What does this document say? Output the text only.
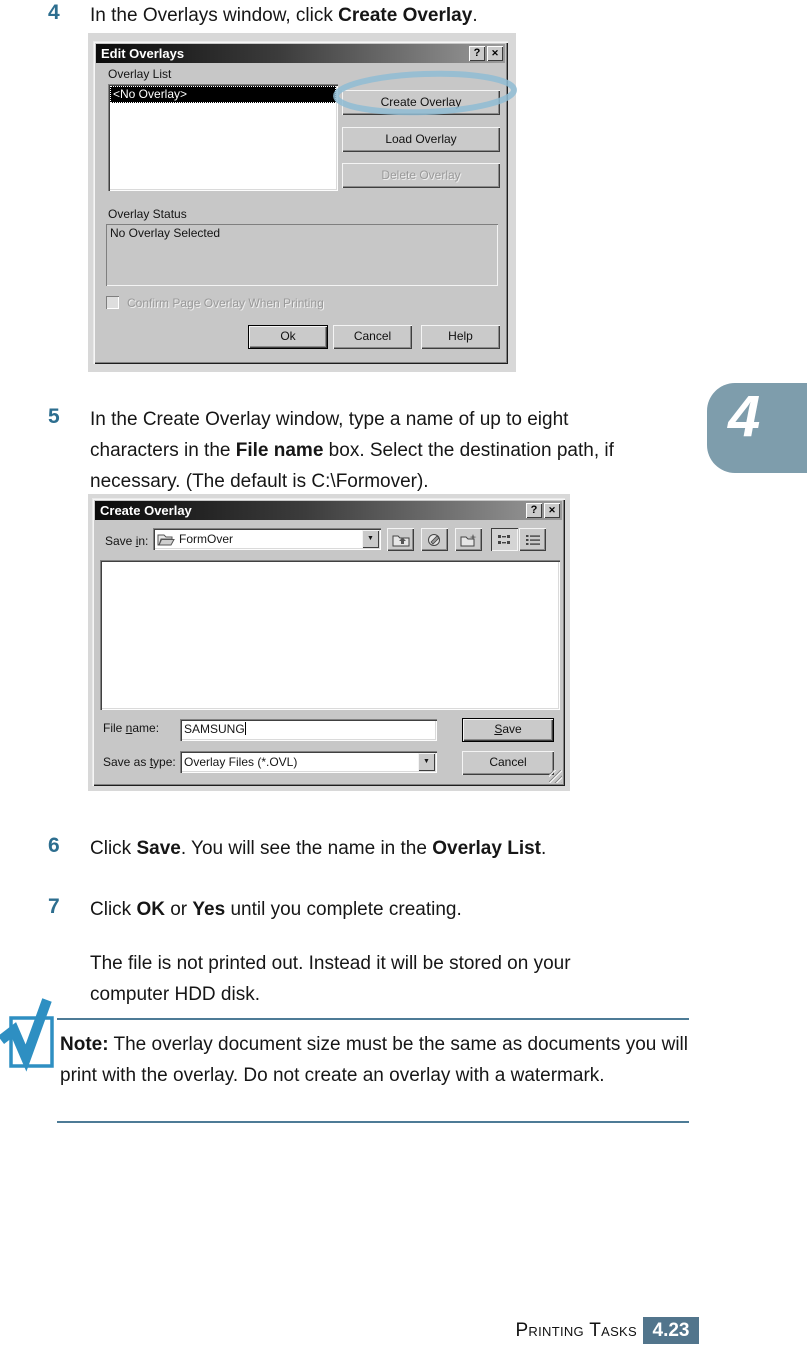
4	In the Overlays window, click Create Overlay.
Edit Overlays	?	✕
Overlay List
<No Overlay>
Create Overlay
Load Overlay
Delete Overlay
Overlay Status
No Overlay Selected
Confirm Page Overlay When Printing
Ok	Cancel	Help
5	In the Create Overlay window, type a name of up to eight characters in the File name box. Select the destination path, if necessary. (The default is C:\Formover).
4
Create Overlay	?	✕
Save in:	FormOver	▼
File name:	SAMSUNG	Save
Save as type: Overlay Files (*.OVL)	▼	Cancel
6	Click Save. You will see the name in the Overlay List.
7	Click OK or Yes until you complete creating.
The file is not printed out. Instead it will be stored on your computer HDD disk.
Note: The overlay document size must be the same as documents you will print with the overlay. Do not create an overlay with a watermark.
Printing Tasks 4.23
